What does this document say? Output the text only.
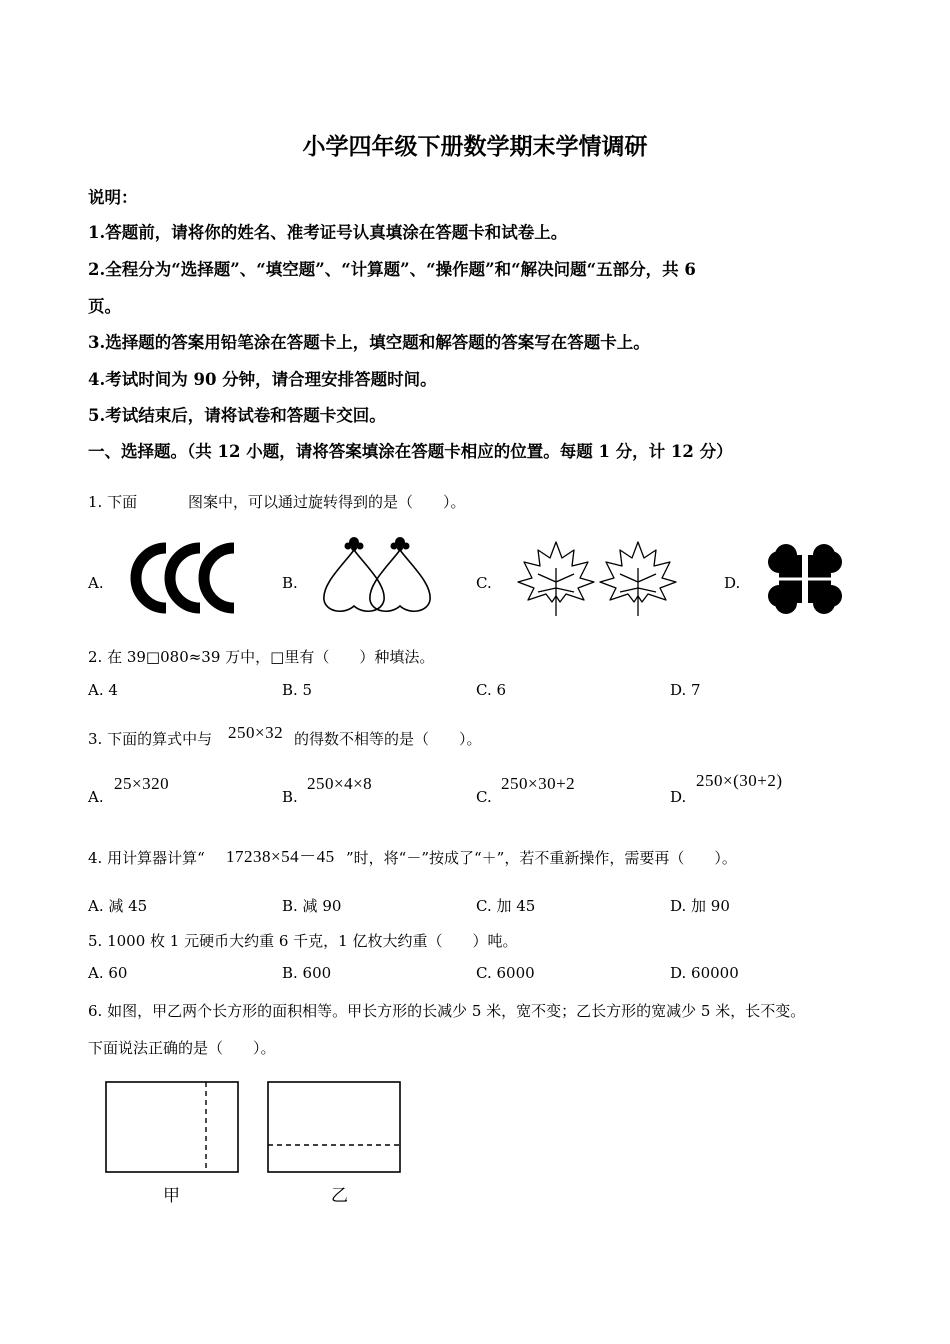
小学四年级下册数学期末学情调研
说明：
1.答题前，请将你的姓名、准考证号认真填涂在答题卡和试卷上。
2.全程分为“选择题”、“填空题”、“计算题”、“操作题”和“解决问题“五部分，共 6
页。
3.选择题的答案用铅笔涂在答题卡上，填空题和解答题的答案写在答题卡上。
4.考试时间为 90 分钟，请合理安排答题时间。
5.考试结束后，请将试卷和答题卡交回。
一、选择题。（共 12 小题，请将答案填涂在答题卡相应的位置。每题 1 分，计 12 分）
1. 下面	图案中，可以通过旋转得到的是（　　）。
A.	B.	C.	D.
2. 在 39□080≈39 万中，□里有（　　）种填法。
A. 4	B. 5	C. 6	D. 7
3. 下面的算式中与 250×32 的得数不相等的是（　　）。
A.
25×320
B.
250×4×8
C.
250×30+2
D.
250×(30+2)
4. 用计算器计算“ 17238×54－45 ”时，将“－”按成了“＋”，若不重新操作，需要再（　　）。
A. 减 45	B. 减 90	C. 加 45	D. 加 90
5. 1000 枚 1 元硬币大约重 6 千克，1 亿枚大约重（　　）吨。
A. 60	B. 600	C. 6000	D. 60000
6. 如图，甲乙两个长方形的面积相等。甲长方形的长减少 5 米，宽不变；乙长方形的宽减少 5 米，长不变。
下面说法正确的是（　　）。
甲	乙
